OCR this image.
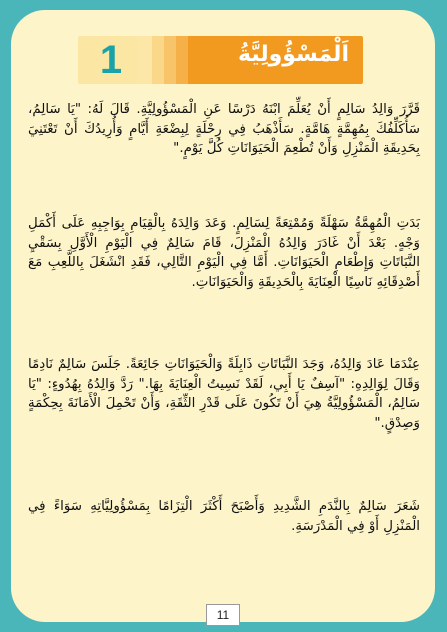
اَلْمَسْؤُولِيَّةُ
1

قَرَّرَ وَالِدُ سَالِمٍ أَنْ يُعَلِّمَ ابْنَهُ دَرْسًا عَنِ الْمَسْؤُولِيَّةِ. قَالَ لَهُ: "يَا سَالِمُ، سَأُكَلِّفُكَ بِمُهِمَّةٍ هَامَّةٍ. سَأَذْهَبُ فِي رِحْلَةٍ لِبِضْعَةِ أَيَّامٍ وَأُرِيدُكَ أَنْ تَعْتَنِيَ بِحَدِيقَةِ الْمَنْزِلِ وَأَنْ تُطْعِمَ الْحَيَوَانَاتِ كُلَّ يَوْمٍ."

بَدَتِ الْمُهِمَّةُ سَهْلَةً وَمُمْتِعَةً لِسَالِمٍ. وَعَدَ وَالِدَهُ بِالْقِيَامِ بِوَاجِبِهِ عَلَى أَكْمَلِ وَجْهٍ. بَعْدَ أَنْ غَادَرَ وَالِدُهُ الْمَنْزِلَ، قَامَ سَالِمٌ فِي الْيَوْمِ الْأَوَّلِ بِسَقْيِ النَّبَاتَاتِ وَإِطْعَامِ الْحَيَوَانَاتِ. أَمَّا فِي الْيَوْمِ التَّالِي، فَقَدِ انْشَغَلَ بِاللَّعِبِ مَعَ أَصْدِقَائِهِ نَاسِيًا الْعِنَايَةَ بِالْحَدِيقَةِ وَالْحَيَوَانَاتِ.

عِنْدَمَا عَادَ وَالِدُهُ، وَجَدَ النَّبَاتَاتِ ذَابِلَةً وَالْحَيَوَانَاتِ جَائِعَةً. جَلَسَ سَالِمٌ نَادِمًا وَقَالَ لِوَالِدِهِ: "آسِفٌ يَا أَبِي، لَقَدْ نَسِيتُ الْعِنَايَةَ بِهَا." رَدَّ وَالِدُهُ بِهُدُوءٍ: "يَا سَالِمُ، الْمَسْؤُولِيَّةُ هِيَ أَنْ تَكُونَ عَلَى قَدْرِ الثِّقَةِ، وَأَنْ تَحْمِلَ الْأَمَانَةَ بِحِكْمَةٍ وَصِدْقٍ."

شَعَرَ سَالِمٌ بِالنَّدَمِ الشَّدِيدِ وَأَصْبَحَ أَكْثَرَ الْتِزَامًا بِمَسْؤُولِيَّاتِهِ سَوَاءً فِي الْمَنْزِلِ أَوْ فِي الْمَدْرَسَةِ.

11
